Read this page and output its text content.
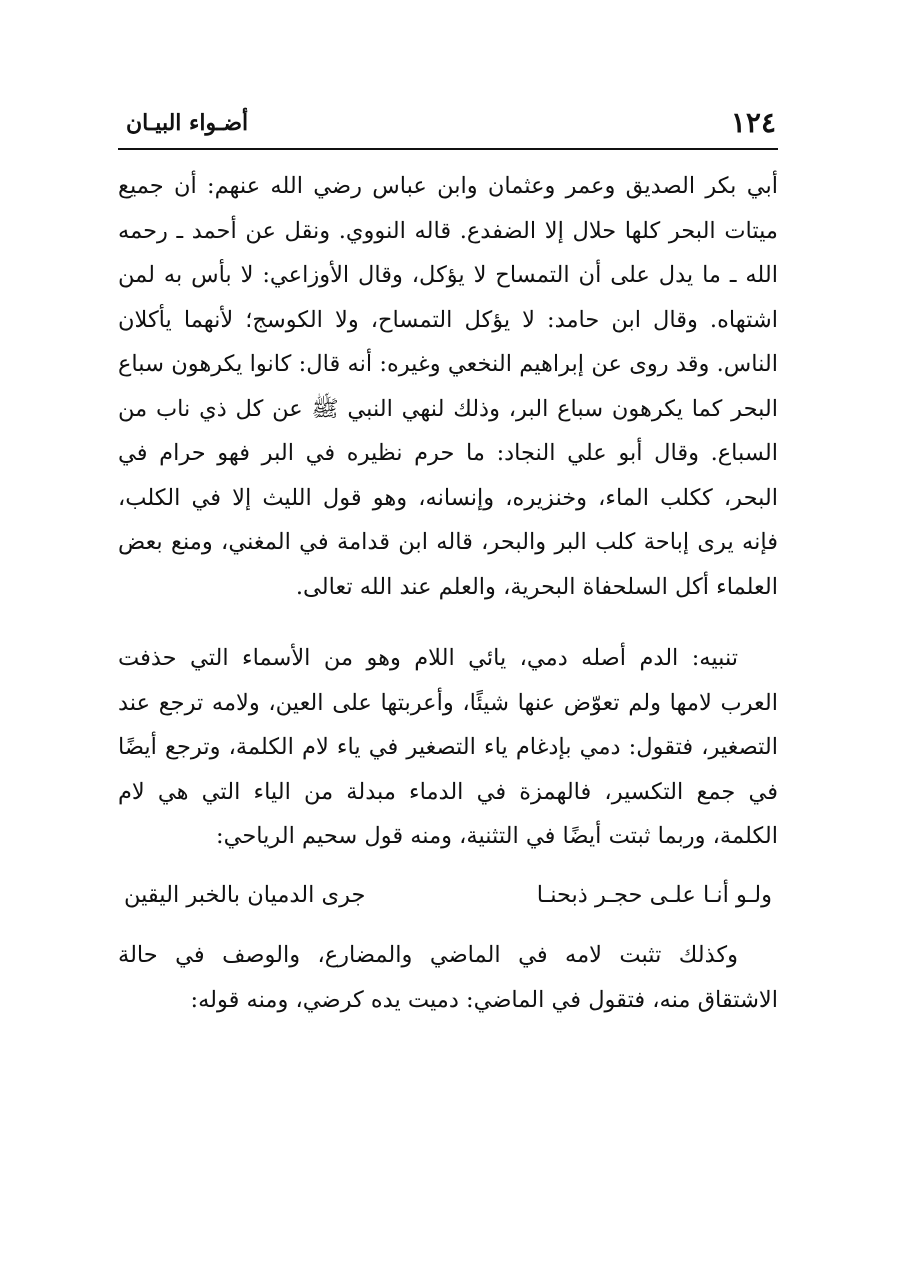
١٢٤
أضـواء البيـان

أبي بكر الصديق وعمر وعثمان وابن عباس رضي الله عنهم: أن جميع ميتات البحر كلها حلال إلا الضفدع. قاله النووي. ونقل عن أحمد ـ رحمه الله ـ ما يدل على أن التمساح لا يؤكل، وقال الأوزاعي: لا بأس به لمن اشتهاه. وقال ابن حامد: لا يؤكل التمساح، ولا الكوسج؛ لأنهما يأكلان الناس. وقد روى عن إبراهيم النخعي وغيره: أنه قال: كانوا يكرهون سباع البحر كما يكرهون سباع البر، وذلك لنهي النبي ﷺ عن كل ذي ناب من السباع. وقال أبو علي النجاد: ما حرم نظيره في البر فهو حرام في البحر، ككلب الماء، وخنزيره، وإنسانه، وهو قول الليث إلا في الكلب، فإنه يرى إباحة كلب البر والبحر، قاله ابن قدامة في المغني، ومنع بعض العلماء أكل السلحفاة البحرية، والعلم عند الله تعالى.

تنبيه: الدم أصله دمي، يائي اللام وهو من الأسماء التي حذفت العرب لامها ولم تعوّض عنها شيئًا، وأعربتها على العين، ولامه ترجع عند التصغير، فتقول: دمي بإدغام ياء التصغير في ياء لام الكلمة، وترجع أيضًا في جمع التكسير، فالهمزة في الدماء مبدلة من الياء التي هي لام الكلمة، وربما ثبتت أيضًا في التثنية، ومنه قول سحيم الرياحي:

ولـو أنـا علـى حجـر ذبحنـا
جرى الدميان بالخبر اليقين

وكذلك تثبت لامه في الماضي والمضارع، والوصف في حالة الاشتقاق منه، فتقول في الماضي: دميت يده كرضي، ومنه قوله:
